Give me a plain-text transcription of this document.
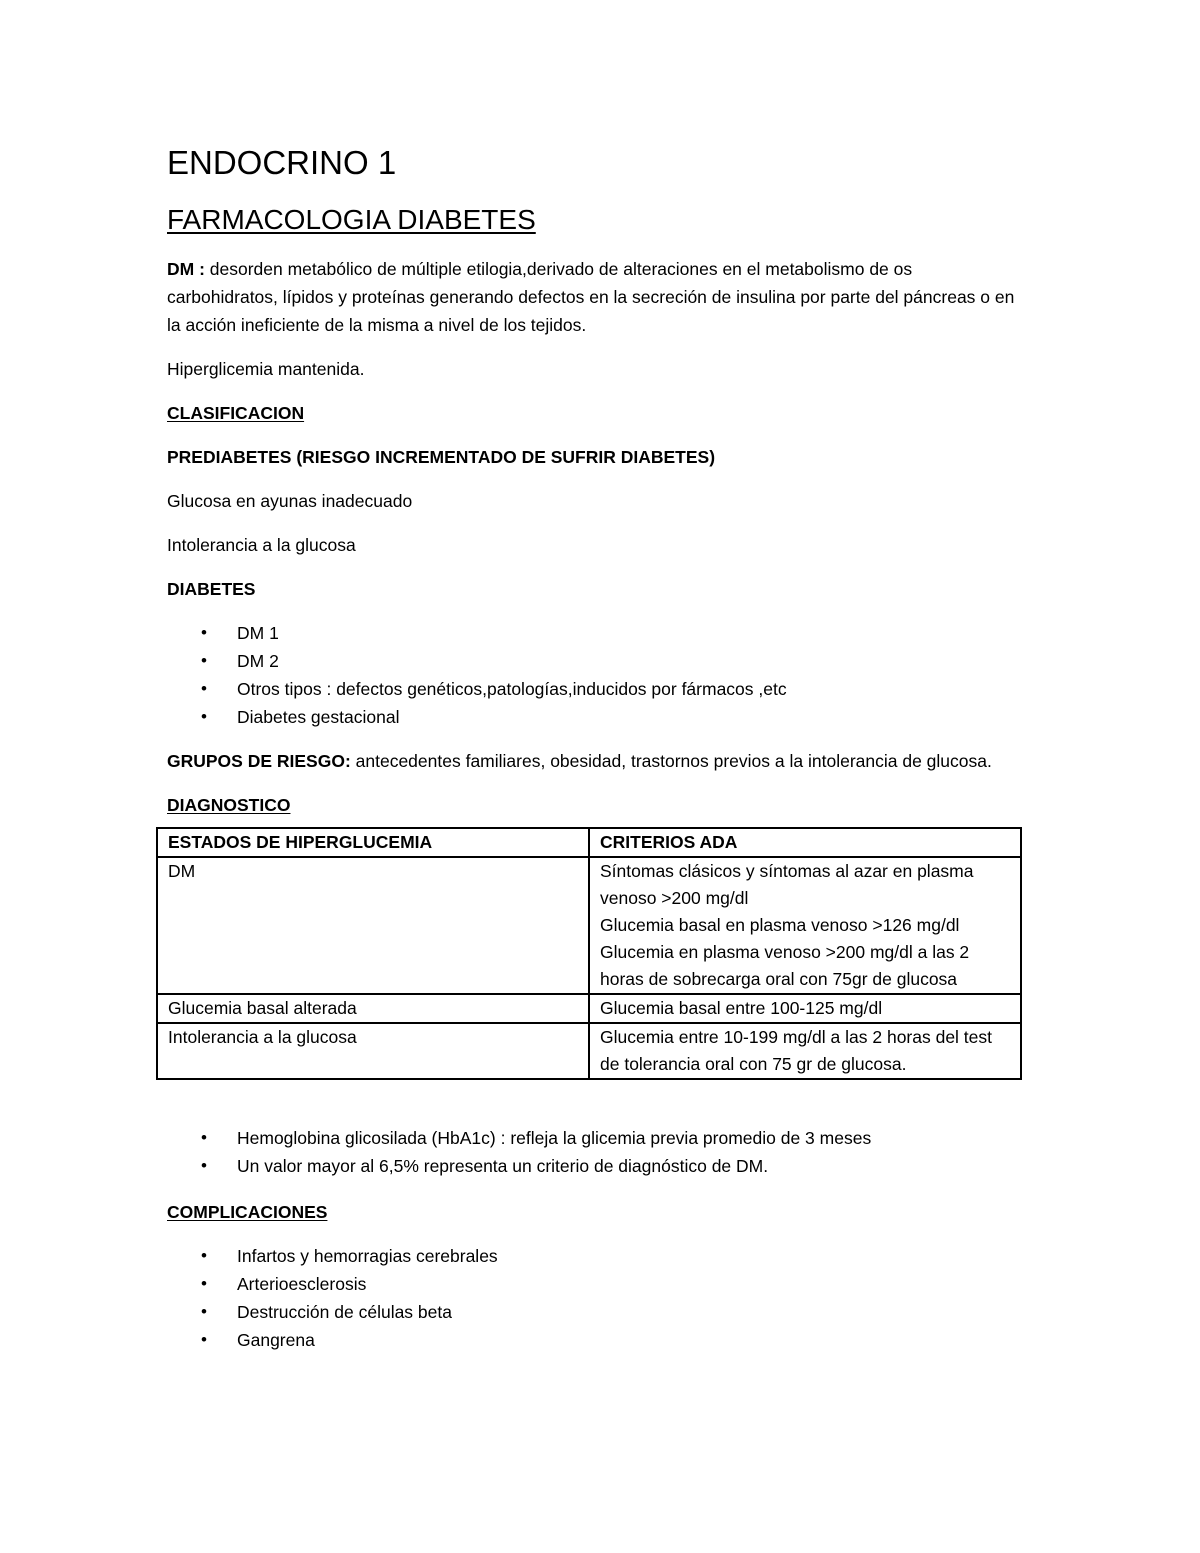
ENDOCRINO 1
FARMACOLOGIA DIABETES

DM : desorden metabólico de múltiple etilogia,derivado de alteraciones en el metabolismo de os carbohidratos, lípidos y proteínas generando defectos en la secreción de insulina por parte del páncreas o en la acción ineficiente de la misma a nivel de los tejidos.

Hiperglicemia mantenida.

CLASIFICACION

PREDIABETES (RIESGO INCREMENTADO DE SUFRIR DIABETES)

Glucosa en ayunas inadecuado

Intolerancia a la glucosa

DIABETES

• DM 1
• DM 2
• Otros tipos : defectos genéticos,patologías,inducidos por fármacos ,etc
• Diabetes gestacional

GRUPOS DE RIESGO: antecedentes familiares, obesidad, trastornos previos a la intolerancia de glucosa.

DIAGNOSTICO

ESTADOS DE HIPERGLUCEMIA	CRITERIOS ADA
DM	Síntomas clásicos y síntomas al azar en plasma venoso >200 mg/dl
Glucemia basal en plasma venoso >126 mg/dl
Glucemia en plasma venoso >200 mg/dl a las 2 horas de sobrecarga oral con 75gr de glucosa

Glucemia basal alterada	Glucemia basal entre 100-125 mg/dl

Intolerancia a la glucosa	Glucemia entre 10-199 mg/dl a las 2 horas del test de tolerancia oral con 75 gr de glucosa.
• Hemoglobina glicosilada (HbA1c) : refleja la glicemia previa promedio de 3 meses
• Un valor mayor al 6,5% representa un criterio de diagnóstico de DM.

COMPLICACIONES

• Infartos y hemorragias cerebrales
• Arterioesclerosis
• Destrucción de células beta
• Gangrena
